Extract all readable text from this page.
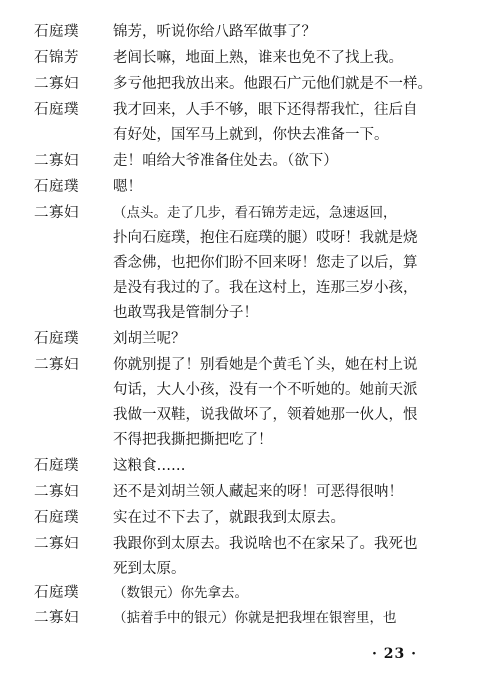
石庭璞	锦芳，听说你给八路军做事了？
石锦芳	老闾长嘛，地面上熟，谁来也免不了找上我。
二寡妇	多亏他把我放出来。他跟石广元他们就是不一样。
石庭璞	我才回来，人手不够，眼下还得帮我忙，往后自
有好处，国军马上就到，你快去准备一下。
二寡妇	走！咱给大爷准备住处去。（欲下）
石庭璞	嗯！
二寡妇	（点头。走了几步，看石锦芳走远，急速返回，
扑向石庭璞，抱住石庭璞的腿）哎呀！我就是烧
香念佛，也把你们盼不回来呀！您走了以后，算
是没有我过的了。我在这村上，连那三岁小孩，
也敢骂我是管制分子！
石庭璞	刘胡兰呢？
二寡妇	你就别提了！别看她是个黄毛丫头，她在村上说
句话，大人小孩，没有一个不听她的。她前天派
我做一双鞋，说我做坏了，领着她那一伙人，恨
不得把我撕把撕把吃了！
石庭璞	这粮食……
二寡妇	还不是刘胡兰领人藏起来的呀！可恶得很呐！
石庭璞	实在过不下去了，就跟我到太原去。
二寡妇	我跟你到太原去。我说啥也不在家呆了。我死也
死到太原。
石庭璞	（数银元）你先拿去。
二寡妇	（掂着手中的银元）你就是把我埋在银窖里，也
· 23 ·
